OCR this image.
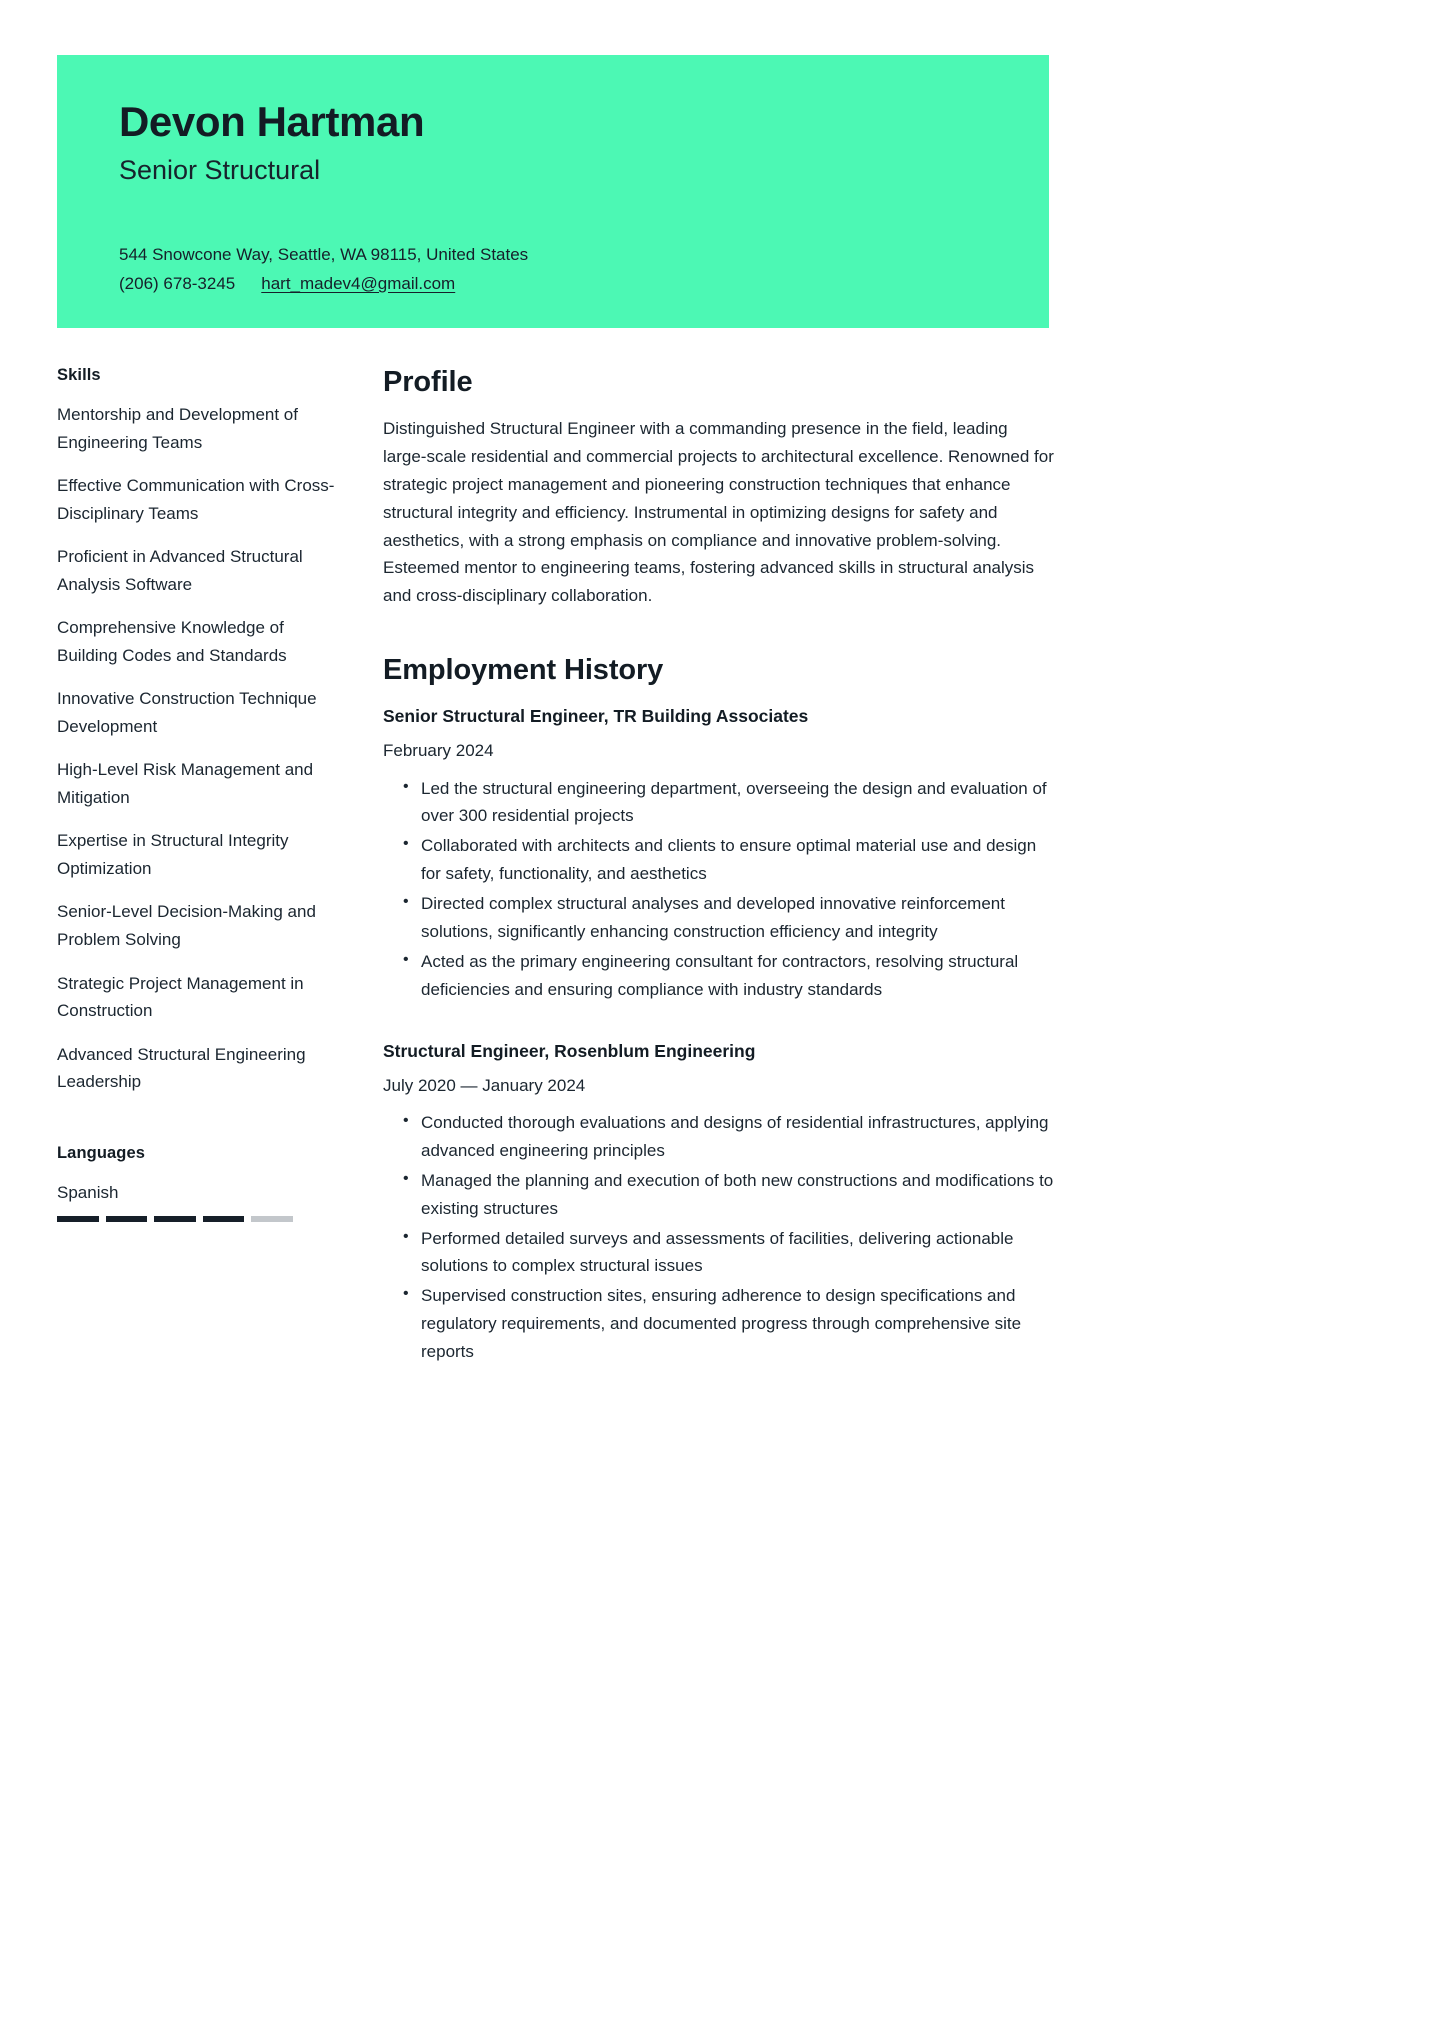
Devon Hartman
Senior Structural
544 Snowcone Way, Seattle, WA 98115, United States
(206) 678-3245 hart_madev4@gmail.com
Skills
Mentorship and Development of Engineering Teams
Effective Communication with Cross-Disciplinary Teams
Proficient in Advanced Structural Analysis Software
Comprehensive Knowledge of Building Codes and Standards
Innovative Construction Technique Development
High-Level Risk Management and Mitigation
Expertise in Structural Integrity Optimization
Senior-Level Decision-Making and Problem Solving
Strategic Project Management in Construction
Advanced Structural Engineering Leadership
Languages
Spanish
Profile

Distinguished Structural Engineer with a commanding presence in the field, leading large-scale residential and commercial projects to architectural excellence. Renowned for strategic project management and pioneering construction techniques that enhance structural integrity and efficiency. Instrumental in optimizing designs for safety and aesthetics, with a strong emphasis on compliance and innovative problem-solving. Esteemed mentor to engineering teams, fostering advanced skills in structural analysis and cross-disciplinary collaboration.

Employment History
Senior Structural Engineer, TR Building Associates
February 2024
• Led the structural engineering department, overseeing the design and evaluation of over 300 residential projects
• Collaborated with architects and clients to ensure optimal material use and design for safety, functionality, and aesthetics
• Directed complex structural analyses and developed innovative reinforcement solutions, significantly enhancing construction efficiency and integrity
• Acted as the primary engineering consultant for contractors, resolving structural deficiencies and ensuring compliance with industry standards
Structural Engineer, Rosenblum Engineering
July 2020 — January 2024
• Conducted thorough evaluations and designs of residential infrastructures, applying advanced engineering principles
• Managed the planning and execution of both new constructions and modifications to existing structures
• Performed detailed surveys and assessments of facilities, delivering actionable solutions to complex structural issues
• Supervised construction sites, ensuring adherence to design specifications and regulatory requirements, and documented progress through comprehensive site reports
